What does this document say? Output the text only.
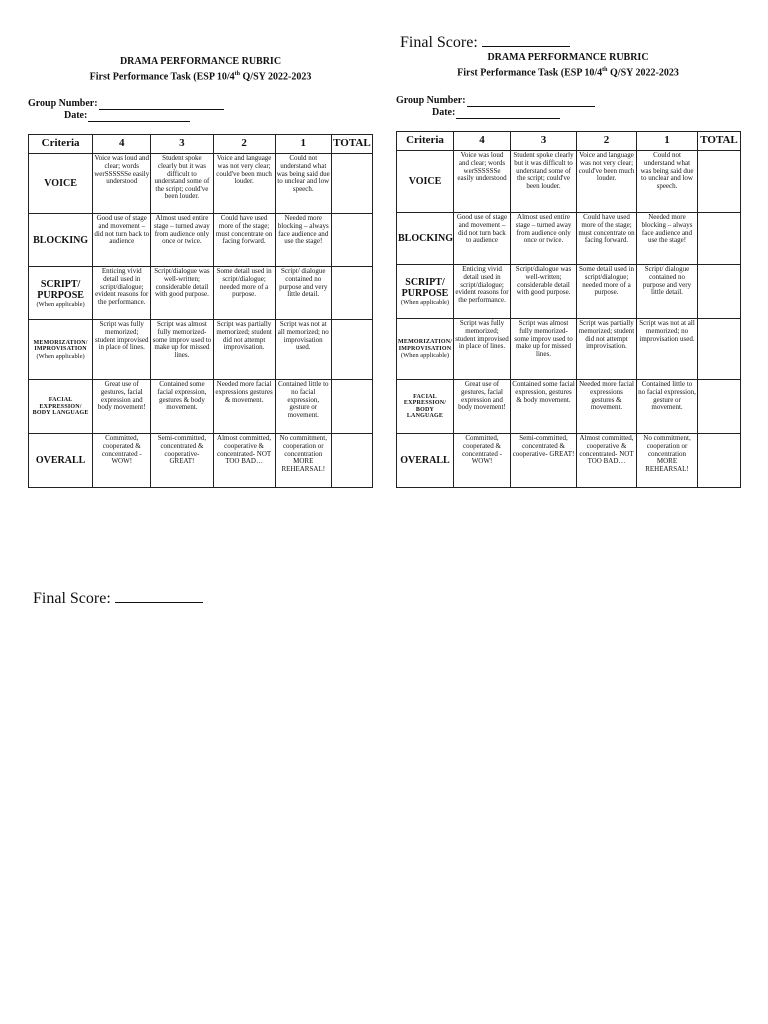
DRAMA PERFORMANCE RUBRIC
First Performance Task (ESP 10/4th Q/SY 2022-2023
Group Number:
Date:
Criteria	4	3	2	1	TOTAL

VOICE	Voice was loud and clear; words werSSSSSSe easily understood	Student spoke clearly but it was difficult to understand some of the script; could've been louder.	Voice and language was not very clear; could've been much louder.	Could not understand what was being said due to unclear and low speech.	

BLOCKING	Good use of stage and movement – did not turn back to audience	Almost used entire stage – turned away from audience only once or twice.	Could have used more of the stage; must concentrate on facing forward.	Needed more blocking – always face audience and use the stage!	

SCRIPT/ PURPOSE
(When applicable)	Enticing vivid detail used in script/dialogue; evident reasons for the performance.	Script/dialogue was well-written; considerable detail with good purpose.	Some detail used in script/dialogue; needed more of a purpose.	Script/ dialogue contained no purpose and very little detail.	

MEMORIZATION/ IMPROVISATION
(When applicable)	Script was fully memorized; student improvised in place of lines.	Script was almost fully memorized-some improv used to make up for missed lines.	Script was partially memorized; student did not attempt improvisation.	Script was not at all memorized; no improvisation used.	

FACIAL EXPRESSION/ BODY LANGUAGE	Great use of gestures, facial expression and body movement!	Contained some facial expression, gestures & body movement.	Needed more facial expressions gestures & movement.	Contained little to no facial expression, gesture or movement.	

OVERALL	Committed, cooperated & concentrated - WOW!	Semi-committed, concentrated & cooperative- GREAT!	Almost committed, cooperative & concentrated- NOT TOO BAD…	No commitment, cooperation or concentration MORE REHEARSAL!	
Final Score:
Final Score:
DRAMA PERFORMANCE RUBRIC
First Performance Task (ESP 10/4th Q/SY 2022-2023
Group Number:
Date:
Criteria	4	3	2	1	TOTAL

VOICE	Voice was loud and clear; words werSSSSSSe easily understood	Student spoke clearly but it was difficult to understand some of the script; could've been louder.	Voice and language was not very clear; could've been much louder.	Could not understand what was being said due to unclear and low speech.	

BLOCKING	Good use of stage and movement – did not turn back to audience	Almost used entire stage – turned away from audience only once or twice.	Could have used more of the stage; must concentrate on facing forward.	Needed more blocking – always face audience and use the stage!	

SCRIPT/ PURPOSE
(When applicable)	Enticing vivid detail used in script/dialogue; evident reasons for the performance.	Script/dialogue was well-written; considerable detail with good purpose.	Some detail used in script/dialogue; needed more of a purpose.	Script/ dialogue contained no purpose and very little detail.	

MEMORIZATION/ IMPROVISATION
(When applicable)	Script was fully memorized; student improvised in place of lines.	Script was almost fully memorized-some improv used to make up for missed lines.	Script was partially memorized; student did not attempt improvisation.	Script was not at all memorized; no improvisation used.	

FACIAL EXPRESSION/ BODY LANGUAGE	Great use of gestures, facial expression and body movement!	Contained some facial expression, gestures & body movement.	Needed more facial expressions gestures & movement.	Contained little to no facial expression, gesture or movement.	

OVERALL	Committed, cooperated & concentrated - WOW!	Semi-committed, concentrated & cooperative- GREAT!	Almost committed, cooperative & concentrated- NOT TOO BAD…	No commitment, cooperation or concentration MORE REHEARSAL!	
